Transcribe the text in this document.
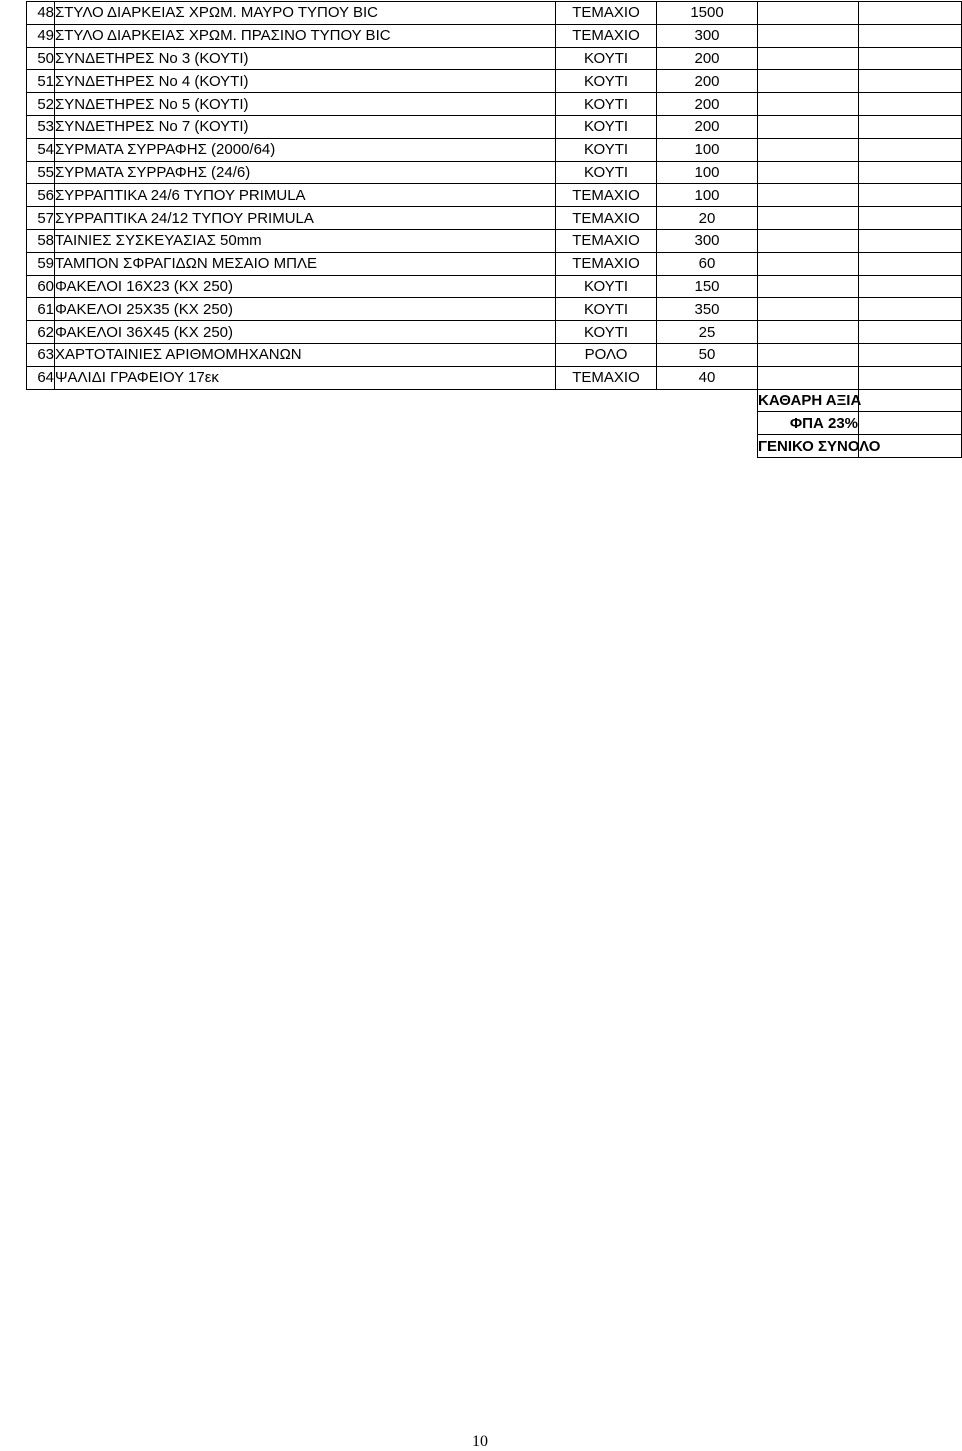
48	ΣΤΥΛΟ ΔΙΑΡΚΕΙΑΣ ΧΡΩΜ. ΜΑΥΡΟ ΤΥΠΟΥ BIC	ΤΕΜΑΧΙΟ	1500		
49	ΣΤΥΛΟ ΔΙΑΡΚΕΙΑΣ ΧΡΩΜ. ΠΡΑΣΙΝΟ ΤΥΠΟΥ BIC	ΤΕΜΑΧΙΟ	300		
50	ΣΥΝΔΕΤΗΡΕΣ Νο 3 (ΚΟΥΤΙ)	ΚΟΥΤΙ	200		
51	ΣΥΝΔΕΤΗΡΕΣ Νο 4 (ΚΟΥΤΙ)	ΚΟΥΤΙ	200		
52	ΣΥΝΔΕΤΗΡΕΣ Νο 5 (ΚΟΥΤΙ)	ΚΟΥΤΙ	200		
53	ΣΥΝΔΕΤΗΡΕΣ Νο 7 (ΚΟΥΤΙ)	ΚΟΥΤΙ	200		
54	ΣΥΡΜΑΤΑ ΣΥΡΡΑΦΗΣ (2000/64)	ΚΟΥΤΙ	100		
55	ΣΥΡΜΑΤΑ ΣΥΡΡΑΦΗΣ (24/6)	ΚΟΥΤΙ	100		
56	ΣΥΡΡΑΠΤΙΚΑ 24/6 ΤΥΠΟΥ PRIMULA	ΤΕΜΑΧΙΟ	100		
57	ΣΥΡΡΑΠΤΙΚΑ 24/12 ΤΥΠΟΥ PRIMULA	ΤΕΜΑΧΙΟ	20		
58	ΤΑΙΝΙΕΣ ΣΥΣΚΕΥΑΣΙΑΣ 50mm	ΤΕΜΑΧΙΟ	300		
59	ΤΑΜΠΟΝ ΣΦΡΑΓΙΔΩΝ ΜΕΣΑΙΟ ΜΠΛΕ	ΤΕΜΑΧΙΟ	60		
60	ΦΑΚΕΛΟΙ 16Χ23 (ΚΧ 250)	ΚΟΥΤΙ	150		
61	ΦΑΚΕΛΟΙ 25Χ35 (ΚΧ 250)	ΚΟΥΤΙ	350		
62	ΦΑΚΕΛΟΙ 36Χ45 (ΚΧ 250)	ΚΟΥΤΙ	25		
63	ΧΑΡΤΟΤΑΙΝΙΕΣ ΑΡΙΘΜΟΜΗΧΑΝΩΝ	ΡΟΛΟ	50		
64	ΨΑΛΙΔΙ ΓΡΑΦΕΙΟΥ 17εκ	ΤΕΜΑΧΙΟ	40		
				ΚΑΘΑΡΗ ΑΞΙΑ	
				ΦΠΑ 23%	
				ΓΕΝΙΚΟ ΣΥΝΟΛΟ	
10
